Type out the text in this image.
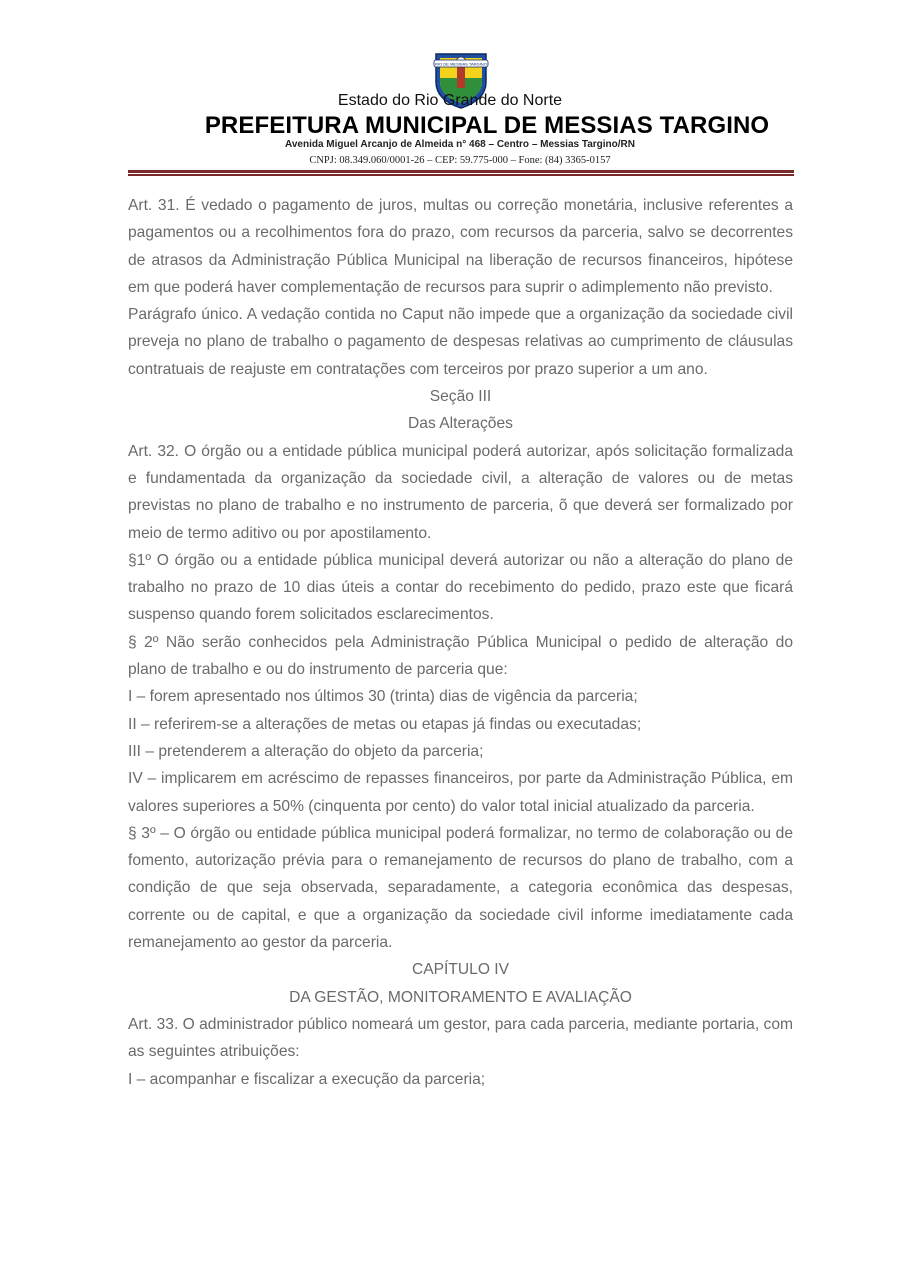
RIO DE MESSIAS TARGINO
Estado do Rio Grande do Norte
PREFEITURA MUNICIPAL DE MESSIAS TARGINO
Avenida Miguel Arcanjo de Almeida n° 468 – Centro – Messias Targino/RN
CNPJ: 08.349.060/0001-26 – CEP: 59.775-000 – Fone: (84) 3365-0157

Art. 31. É vedado o pagamento de juros, multas ou correção monetária, inclusive referentes a pagamentos ou a recolhimentos fora do prazo, com recursos da parceria, salvo se decorrentes de atrasos da Administração Pública Municipal na liberação de recursos financeiros, hipótese em que poderá haver complementação de recursos para suprir o adimplemento não previsto.

Parágrafo único. A vedação contida no Caput não impede que a organização da sociedade civil preveja no plano de trabalho o pagamento de despesas relativas ao cumprimento de cláusulas contratuais de reajuste em contratações com terceiros por prazo superior a um ano.

Seção III

Das Alterações

Art. 32. O órgão ou a entidade pública municipal poderá autorizar, após solicitação formalizada e fundamentada da organização da sociedade civil, a alteração de valores ou de metas previstas no plano de trabalho e no instrumento de parceria, õ que deverá ser formalizado por meio de termo aditivo ou por apostilamento.

§1º O órgão ou a entidade pública municipal deverá autorizar ou não a alteração do plano de trabalho no prazo de 10 dias úteis a contar do recebimento do pedido, prazo este que ficará suspenso quando forem solicitados esclarecimentos.

§ 2º Não serão conhecidos pela Administração Pública Municipal o pedido de alteração do plano de trabalho e ou do instrumento de parceria que:

I – forem apresentado nos últimos 30 (trinta) dias de vigência da parceria;

II – referirem-se a alterações de metas ou etapas já findas ou executadas;

III – pretenderem a alteração do objeto da parceria;

IV – implicarem em acréscimo de repasses financeiros, por parte da Administração Pública, em valores superiores a 50% (cinquenta por cento) do valor total inicial atualizado da parceria.

§ 3º – O órgão ou entidade pública municipal poderá formalizar, no termo de colaboração ou de fomento, autorização prévia para o remanejamento de recursos do plano de trabalho, com a condição de que seja observada, separadamente, a categoria econômica das despesas, corrente ou de capital, e que a organização da sociedade civil informe imediatamente cada remanejamento ao gestor da parceria.

CAPÍTULO IV

DA GESTÃO, MONITORAMENTO E AVALIAÇÃO

Art. 33. O administrador público nomeará um gestor, para cada parceria, mediante portaria, com as seguintes atribuições:

I – acompanhar e fiscalizar a execução da parceria;
